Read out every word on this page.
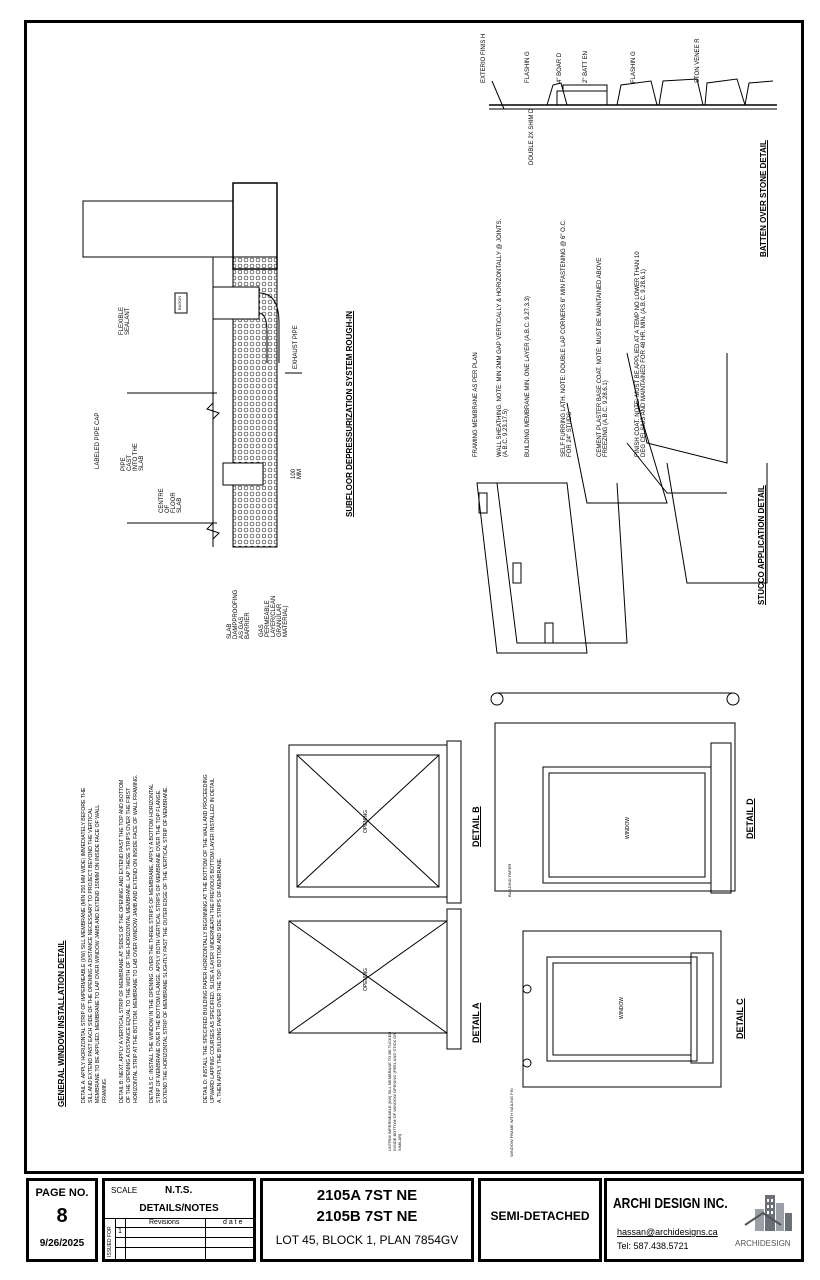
RADON
BATTEN OVER STONE DETAIL
EXTERIO FINIS H	FLASHIN G	4" BOAR D	2" BATT EN	FLASHIN G	STON VENEE R
DOUBLE 2X SHIM D
SUBFLOOR DEPRESSURIZATION SYSTEM ROUGH-IN
FLEXIBLE SEALANT
LABELED PIPE CAP	PIPE CAST INTO THE SLAB
CENTRE OF FLOOR SLAB
SLAB DAMPPROOFING AS GAS BARRIER GAS PERMEABLE LAYER(CLEAN GRANULAR MATERIAL)
EXHAUST PIPE
100 MM
STUCCO APPLICATION DETAIL
FRAMING MEMBRANE AS PER PLAN	WALL SHEATHING. NOTE: MIN 2MM GAP VERTICALLY & HORIZONTALLY @ JOINTS. (A.B.C. 9.23.17.5)	BUILDING MEMBRANE MIN. ONE LAYER (A.B.C. 9.27.3.3)	SELF FURRING LATH. NOTE: DOUBLE LAP CORNERS 6" MIN FASTENING @ 6" O.C. FOR 24" STUDS	CEMENT PLASTER BASE COAT. NOTE: MUST BE MAINTAINED ABOVE FREEZING (A.B.C. 9.28.6.1)	FINISH COAT. NOTE: MUST BE APPLIED AT A TEMP NO LOWER THAN 10 DEG CELSIUS AND MAINTAINED FOR 48 HR. MIN. (A.B.C. 9.28.6.1)
GENERAL WINDOW INSTALLATION DETAIL	DETAIL A: APPLY HORIZONTAL STRIP OF IMPERMEABLE (I/W) SILL MEMBRANE (MIN 250 MM WIDE) IMMEDIATELY BEFORE THE SILL AND EXTEND PAST EACH SIDE OF THE OPENING A DISTANCE NECESSARY TO PROJECT BEYOND THE VERTICAL MEMBRANE TO BE APPLIED. MEMBRANE TO LAP OVER WINDOW JAMB AND EXTEND 150MM ON INSIDE FACE OF WALL FRAMING. DETAIL B: NEXT, APPLY A VERTICAL STRIP OF MEMBRANE AT SIDES OF THE OPENING AND EXTEND PAST THE TOP AND BOTTOM OF THE OPENING A DISTANCE EQUAL TO THE WIDTH OF THE HORIZONTAL MEMBRANE. LAP THESE STRIPS OVER THE FIRST HORIZONTAL STRIP AT THE BOTTOM. MEMBRANE TO LAB OVER WINDOW JAMB AND EXTEND ON INSIDE FACE OF WALL FRAMING. DETAILS C: INSTALL THE WINDOW IN THE OPENING. OVER THE THREE STRIPS OF MEMBRANE, APPLY A BOTTOM HORIZONTAL STRIP OF MEMBRANE OVER THE BOTTOM FLANGE. APPLY BOTH VERTICAL STRIPS OF MEMBRANE OVER THE TOP FLANGE. EXTEND THE HORIZONTAL STRIP OF MEMBRANE SLIGHTLY PAST THE OUTER EDGE OF THE VERTICAL STRIP OF MEMBRANE.	DETAIL D: INSTALL THE SPECIFIED BUILDING PAPER HORIZONTALLY BEGINNING AT THE BOTTOM OF THE WALL AND PROCEEDING UPWARD LAPPING COURSES AS SPECIFIED. SLIDE A LAYER UNDERNEATH THE PREVIOUS BOTTOM LAYER INSTALLED IN DETAIL A. THEN APPLY THE BUILDING PAPER OVER THE TOP, BOTTOM AND SIDE STRIPS OF MEMBRANE.	DETAIL A
DETAIL B
DETAIL C
DETAIL D
OPENING
OPENING
WINDOW
WINDOW
UNTRIM IMPERMEABLE (I/W) SILL MEMBRANE TO BE TUCKED INSIDE BOTTOM OF WINDOW OPENING (PEEL AND STICK OR SIMILAR)	WINDOW FRAME WITH NAILING FIN
BUILDING PAPER
PAGE NO.
8
9/26/2025
SCALE	N.T.S.
DETAILS/NOTES
ISSUED FOR
Revisions	d a t e
1
2105A 7ST NE
2105B 7ST NE
LOT 45, BLOCK 1, PLAN 7854GV
SEMI-DETACHED
ARCHI DESIGN INC.
hassan@archidesigns.ca
Tel: 587.438.5721	ARCHIDESIGN
